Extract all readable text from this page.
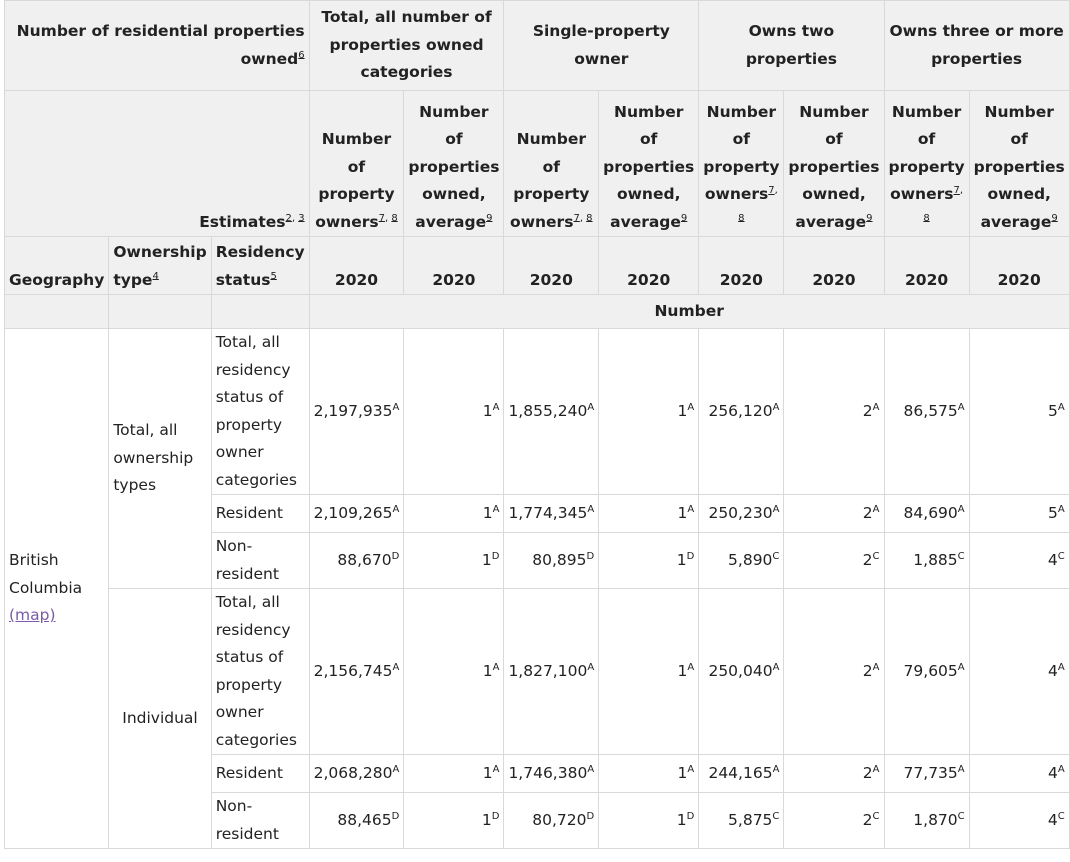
Number of residential properties owned$^6$			Total, all number of properties owned categories		Single-property owner		Owns two properties		Owns three or more properties	
Estimates$^{2, 3}$			Number of property owners$^{7, 8}$	Number of properties owned, average$^9$	Number of property owners$^{7, 8}$	Number of properties owned, average$^9$	Number of property owners$^{7, 8}$	Number of properties owned, average$^9$	Number of property owners$^{7, 8}$	Number of properties owned, average$^9$
Geography	Ownership type$^4$	Residency status$^5$	2020	2020	2020	2020	2020	2020	2020	2020
			Number							
British Columbia
(map)	Total, all ownership types	Total, all residency status of property owner categories	$2,197,935^A$	$1^A$	$1,855,240^A$	$1^A$	$256,120^A$	$2^A$	$86,575^A$	$5^A$
		Resident	$2,109,265^A$	$1^A$	$1,774,345^A$	$1^A$	$250,230^A$	$2^A$	$84,690^A$	$5^A$
		Non-resident	$88,670^D$	$1^D$	$80,895^D$	$1^D$	$5,890^C$	$2^C$	$1,885^C$	$4^C$
	Individual	Total, all residency status of property owner categories	$2,156,745^A$	$1^A$	$1,827,100^A$	$1^A$	$250,040^A$	$2^A$	$79,605^A$	$4^A$
		Resident	$2,068,280^A$	$1^A$	$1,746,380^A$	$1^A$	$244,165^A$	$2^A$	$77,735^A$	$4^A$
		Non-resident	$88,465^D$	$1^D$	$80,720^D$	$1^D$	$5,875^C$	$2^C$	$1,870^C$	$4^C$
